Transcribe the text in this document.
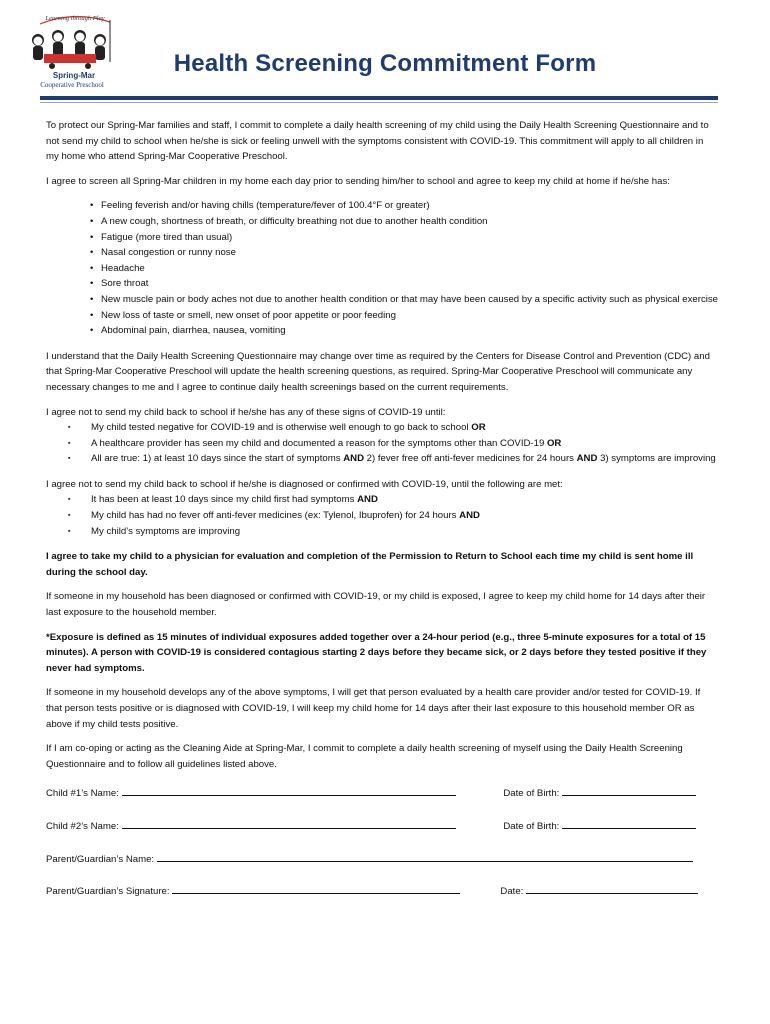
Learning through Play
Spring-Mar
Cooperative Preschool
Health Screening Commitment Form

To protect our Spring-Mar families and staff, I commit to complete a daily health screening of my child using the Daily Health Screening Questionnaire and to not send my child to school when he/she is sick or feeling unwell with the symptoms consistent with COVID-19. This commitment will apply to all children in my home who attend Spring-Mar Cooperative Preschool.

I agree to screen all Spring-Mar children in my home each day prior to sending him/her to school and agree to keep my child at home if he/she has:

• Feeling feverish and/or having chills (temperature/fever of 100.4°F or greater)
• A new cough, shortness of breath, or difficulty breathing not due to another health condition
• Fatigue (more tired than usual)
• Nasal congestion or runny nose
• Headache
• Sore throat
• New muscle pain or body aches not due to another health condition or that may have been caused by a specific activity such as physical exercise
• New loss of taste or smell, new onset of poor appetite or poor feeding
• Abdominal pain, diarrhea, nausea, vomiting

I understand that the Daily Health Screening Questionnaire may change over time as required by the Centers for Disease Control and Prevention (CDC) and that Spring-Mar Cooperative Preschool will update the health screening questions, as required. Spring-Mar Cooperative Preschool will communicate any necessary changes to me and I agree to continue daily health screenings based on the current requirements.

I agree not to send my child back to school if he/she has any of these signs of COVID-19 until:

▪ My child tested negative for COVID-19 and is otherwise well enough to go back to school OR
▪ A healthcare provider has seen my child and documented a reason for the symptoms other than COVID-19 OR
▪ All are true: 1) at least 10 days since the start of symptoms AND 2) fever free off anti-fever medicines for 24 hours AND 3) symptoms are improving

I agree not to send my child back to school if he/she is diagnosed or confirmed with COVID-19, until the following are met:

▪ It has been at least 10 days since my child first had symptoms AND
▪ My child has had no fever off anti-fever medicines (ex: Tylenol, Ibuprofen) for 24 hours AND
▪ My child’s symptoms are improving

I agree to take my child to a physician for evaluation and completion of the Permission to Return to School each time my child is sent home ill during the school day.

If someone in my household has been diagnosed or confirmed with COVID-19, or my child is exposed, I agree to keep my child home for 14 days after their last exposure to the household member.

*Exposure is defined as 15 minutes of individual exposures added together over a 24-hour period (e.g., three 5-minute exposures for a total of 15 minutes). A person with COVID-19 is considered contagious starting 2 days before they became sick, or 2 days before they tested positive if they never had symptoms.

If someone in my household develops any of the above symptoms, I will get that person evaluated by a health care provider and/or tested for COVID-19. If that person tests positive or is diagnosed with COVID-19, I will keep my child home for 14 days after their last exposure to this household member OR as above if my child tests positive.

If I am co-oping or acting as the Cleaning Aide at Spring-Mar, I commit to complete a daily health screening of myself using the Daily Health Screening Questionnaire and to follow all guidelines listed above.

Child #1’s Name:	Date of Birth:
Child #2’s Name:	Date of Birth:
Parent/Guardian’s Name:
Parent/Guardian’s Signature:	Date:
